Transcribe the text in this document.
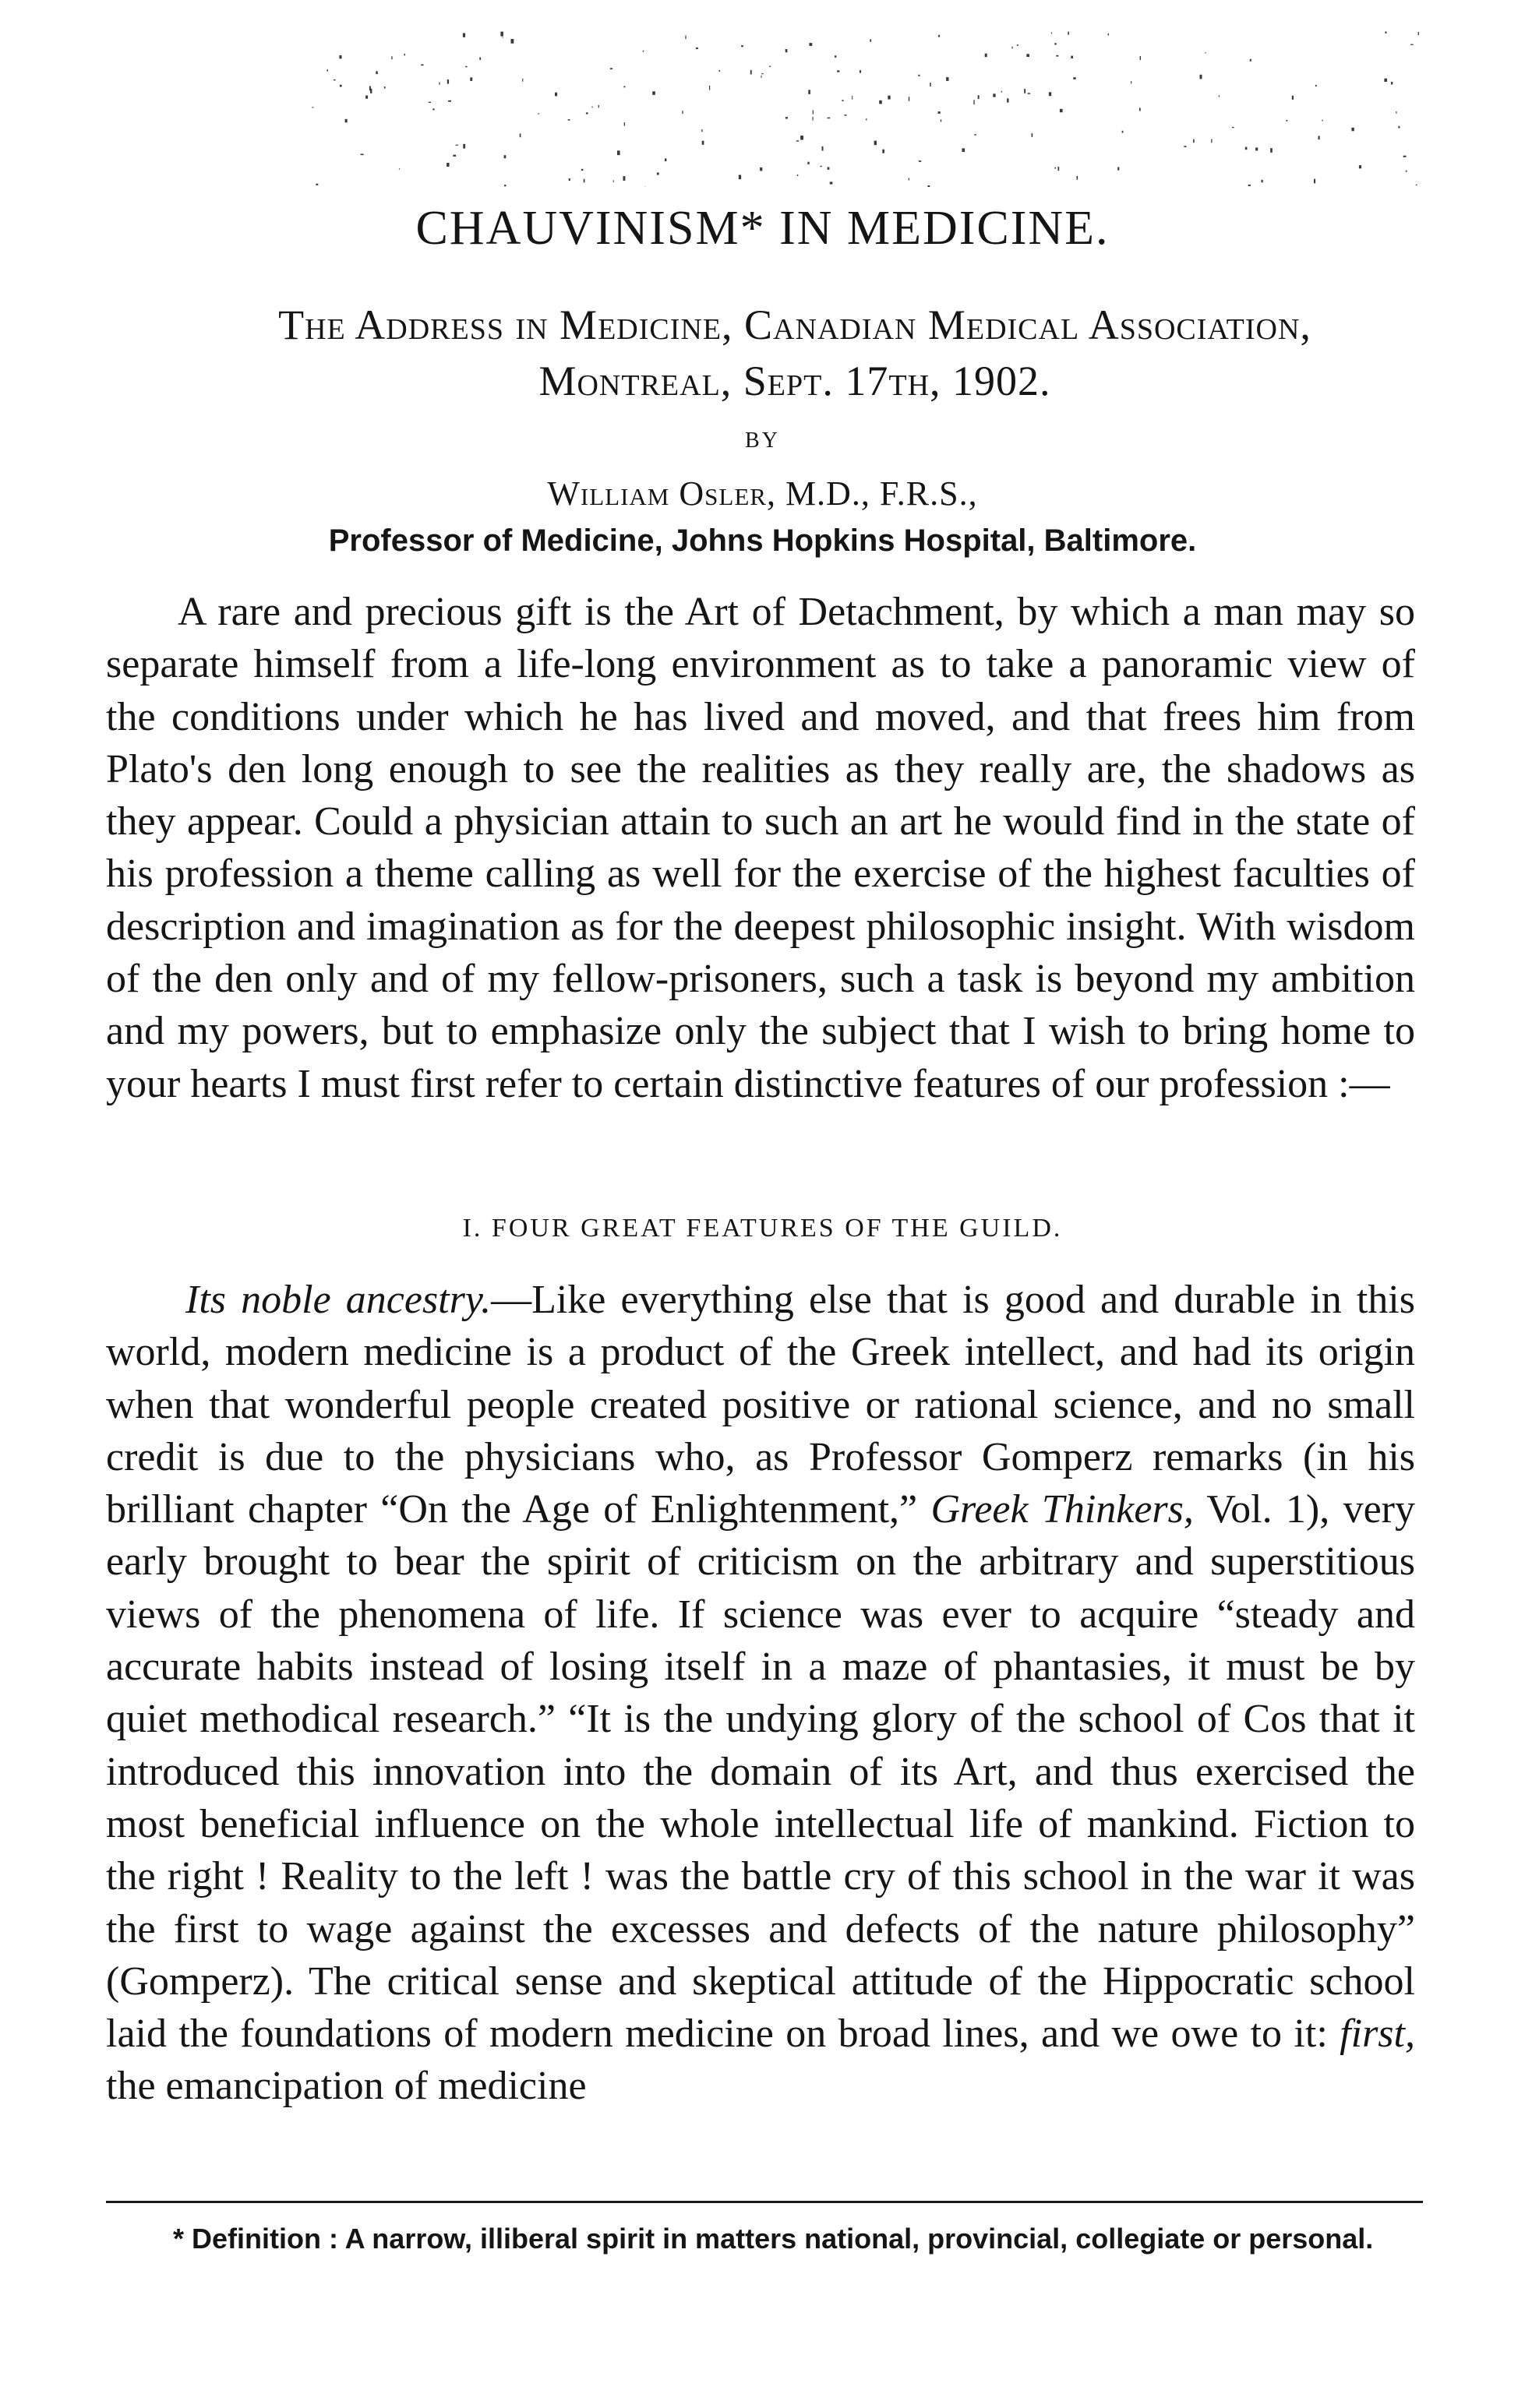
CHAUVINISM* IN MEDICINE.
The Address in Medicine, Canadian Medical Association,
Montreal, Sept. 17th, 1902.
BY
William Osler, M.D., F.R.S.,
Professor of Medicine, Johns Hopkins Hospital, Baltimore.

A rare and precious gift is the Art of Detachment, by which a man may so separate himself from a life-long environment as to take a panoramic view of the conditions under which he has lived and moved, and that frees him from Plato's den long enough to see the realities as they really are, the shadows as they appear. Could a physician attain to such an art he would find in the state of his profession a theme calling as well for the exercise of the highest faculties of description and imagination as for the deepest philosophic insight. With wisdom of the den only and of my fellow-prisoners, such a task is beyond my ambition and my powers, but to emphasize only the subject that I wish to bring home to your hearts I must first refer to certain distinctive features of our profession :—

I. FOUR GREAT FEATURES OF THE GUILD.

Its noble ancestry.—Like everything else that is good and durable in this world, modern medicine is a product of the Greek intellect, and had its origin when that wonderful people created positive or rational science, and no small credit is due to the physicians who, as Professor Gomperz remarks (in his brilliant chapter “On the Age of Enlightenment,” Greek Thinkers, Vol. 1), very early brought to bear the spirit of criticism on the arbitrary and superstitious views of the phenomena of life. If science was ever to acquire “steady and accurate habits instead of losing itself in a maze of phantasies, it must be by quiet methodical research.” “It is the undying glory of the school of Cos that it introduced this innovation into the domain of its Art, and thus exercised the most beneficial influence on the whole intellectual life of mankind. Fiction to the right ! Reality to the left ! was the battle cry of this school in the war it was the first to wage against the excesses and defects of the nature philosophy” (Gomperz). The critical sense and skeptical attitude of the Hippocratic school laid the foundations of modern medicine on broad lines, and we owe to it: first, the emancipation of medicine

* Definition : A narrow, illiberal spirit in matters national, provincial, collegiate or personal.
